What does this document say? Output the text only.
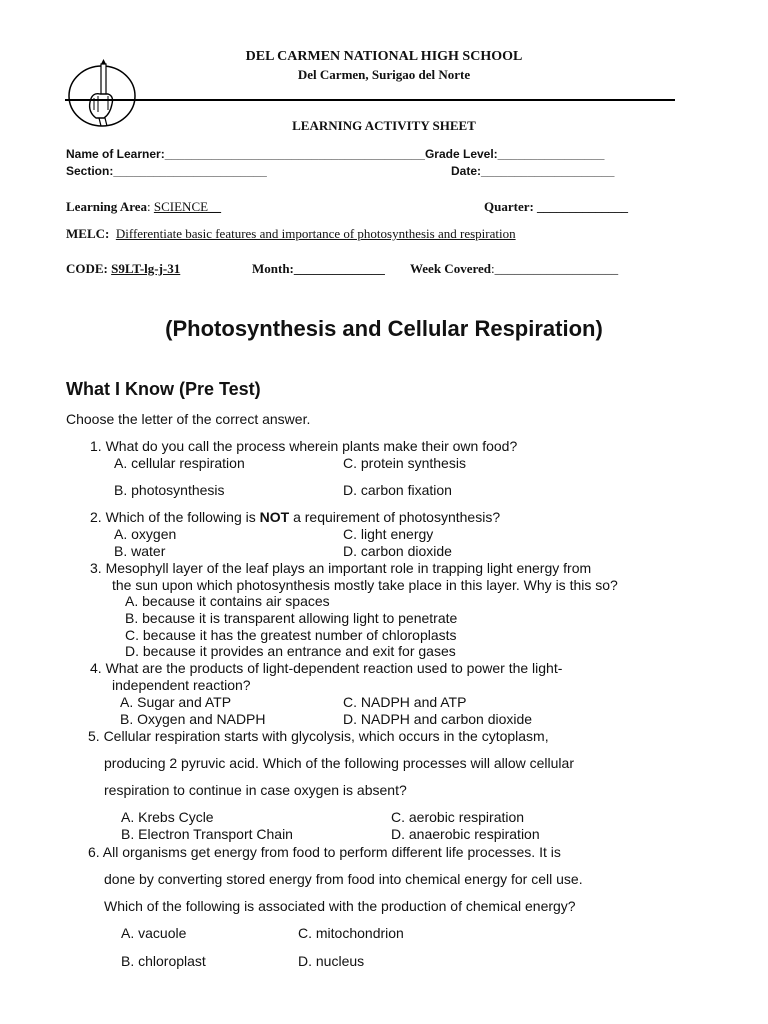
DEL CARMEN NATIONAL HIGH SCHOOL
Del Carmen, Surigao del Norte
LEARNING ACTIVITY SHEET
Name of Learner:_______________________________________Grade Level:________________
Section:_______________________	Date:____________________
Learning Area: SCIENCE__	Quarter: ______________
MELC: Differentiate basic features and importance of photosynthesis and respiration
CODE: S9LT-lg-j-31	Month:______________ Week Covered:___________________
(Photosynthesis and Cellular Respiration)
What I Know (Pre Test)
Choose the letter of the correct answer.
1. What do you call the process wherein plants make their own food?
A. cellular respiration	C. protein synthesis
B. photosynthesis	D. carbon fixation
2. Which of the following is NOT a requirement of photosynthesis?
A. oxygen	C. light energy
B. water	D. carbon dioxide
3. Mesophyll layer of the leaf plays an important role in trapping light energy from
the sun upon which photosynthesis mostly take place in this layer. Why is this so?
A. because it contains air spaces
B. because it is transparent allowing light to penetrate
C. because it has the greatest number of chloroplasts
D. because it provides an entrance and exit for gases
4. What are the products of light-dependent reaction used to power the light-
independent reaction?
A. Sugar and ATP	C. NADPH and ATP
B. Oxygen and NADPH	D. NADPH and carbon dioxide
5. Cellular respiration starts with glycolysis, which occurs in the cytoplasm,
producing 2 pyruvic acid. Which of the following processes will allow cellular
respiration to continue in case oxygen is absent?
A. Krebs Cycle	C. aerobic respiration
B. Electron Transport Chain	D. anaerobic respiration
6. All organisms get energy from food to perform different life processes. It is
done by converting stored energy from food into chemical energy for cell use.
Which of the following is associated with the production of chemical energy?
A. vacuole	C. mitochondrion
B. chloroplast	D. nucleus
